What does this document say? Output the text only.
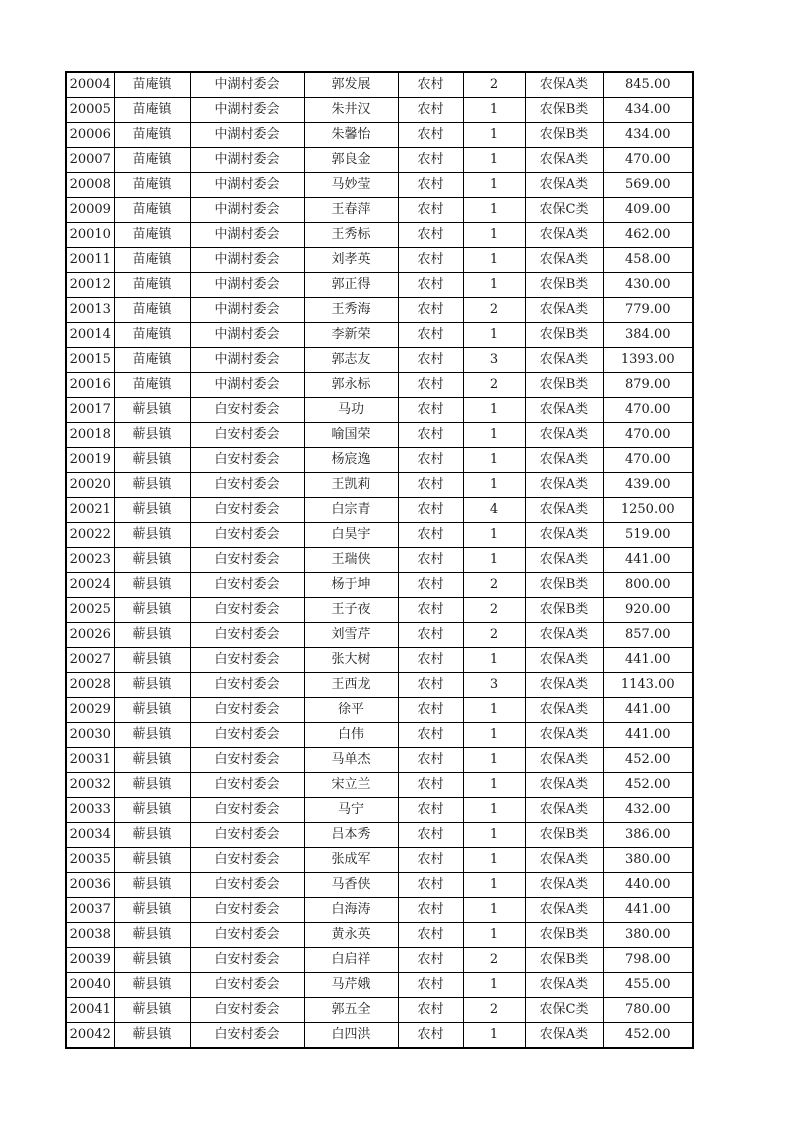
20004	苗庵镇	中湖村委会	郭发展	农村	2	农保A类	845.00
20005	苗庵镇	中湖村委会	朱井汉	农村	1	农保B类	434.00
20006	苗庵镇	中湖村委会	朱馨怡	农村	1	农保B类	434.00
20007	苗庵镇	中湖村委会	郭良金	农村	1	农保A类	470.00
20008	苗庵镇	中湖村委会	马妙莹	农村	1	农保A类	569.00
20009	苗庵镇	中湖村委会	王春萍	农村	1	农保C类	409.00
20010	苗庵镇	中湖村委会	王秀标	农村	1	农保A类	462.00
20011	苗庵镇	中湖村委会	刘孝英	农村	1	农保A类	458.00
20012	苗庵镇	中湖村委会	郭正得	农村	1	农保B类	430.00
20013	苗庵镇	中湖村委会	王秀海	农村	2	农保A类	779.00
20014	苗庵镇	中湖村委会	李新荣	农村	1	农保B类	384.00
20015	苗庵镇	中湖村委会	郭志友	农村	3	农保A类	1393.00
20016	苗庵镇	中湖村委会	郭永标	农村	2	农保B类	879.00
20017	蕲县镇	白安村委会	马功	农村	1	农保A类	470.00
20018	蕲县镇	白安村委会	喻国荣	农村	1	农保A类	470.00
20019	蕲县镇	白安村委会	杨宸逸	农村	1	农保A类	470.00
20020	蕲县镇	白安村委会	王凯莉	农村	1	农保A类	439.00
20021	蕲县镇	白安村委会	白宗青	农村	4	农保A类	1250.00
20022	蕲县镇	白安村委会	白昊宇	农村	1	农保A类	519.00
20023	蕲县镇	白安村委会	王瑞侠	农村	1	农保A类	441.00
20024	蕲县镇	白安村委会	杨于坤	农村	2	农保B类	800.00
20025	蕲县镇	白安村委会	王子夜	农村	2	农保B类	920.00
20026	蕲县镇	白安村委会	刘雪芹	农村	2	农保A类	857.00
20027	蕲县镇	白安村委会	张大树	农村	1	农保A类	441.00
20028	蕲县镇	白安村委会	王西龙	农村	3	农保A类	1143.00
20029	蕲县镇	白安村委会	徐平	农村	1	农保A类	441.00
20030	蕲县镇	白安村委会	白伟	农村	1	农保A类	441.00
20031	蕲县镇	白安村委会	马单杰	农村	1	农保A类	452.00
20032	蕲县镇	白安村委会	宋立兰	农村	1	农保A类	452.00
20033	蕲县镇	白安村委会	马宁	农村	1	农保A类	432.00
20034	蕲县镇	白安村委会	吕本秀	农村	1	农保B类	386.00
20035	蕲县镇	白安村委会	张成军	农村	1	农保A类	380.00
20036	蕲县镇	白安村委会	马香侠	农村	1	农保A类	440.00
20037	蕲县镇	白安村委会	白海涛	农村	1	农保A类	441.00
20038	蕲县镇	白安村委会	黄永英	农村	1	农保B类	380.00
20039	蕲县镇	白安村委会	白启祥	农村	2	农保B类	798.00
20040	蕲县镇	白安村委会	马芹娥	农村	1	农保A类	455.00
20041	蕲县镇	白安村委会	郭五全	农村	2	农保C类	780.00
20042	蕲县镇	白安村委会	白四洪	农村	1	农保A类	452.00
